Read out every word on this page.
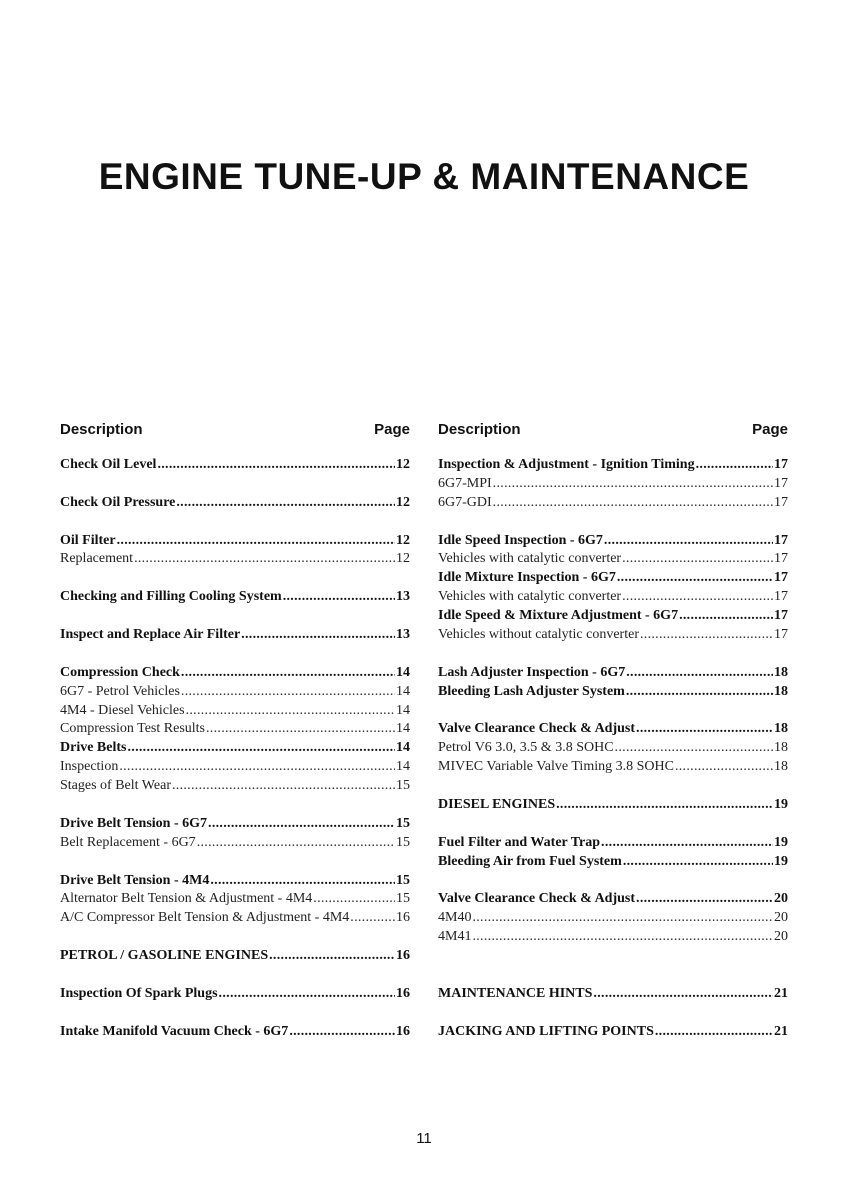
ENGINE TUNE-UP & MAINTENANCE
Description	Page
Check Oil Level .....	12
Check Oil Pressure .....	12
Oil Filter .....	12
Replacement .....	12
Checking and Filling Cooling System .....	13
Inspect and Replace Air Filter .....	13
Compression Check .....	14
6G7 - Petrol Vehicles .....	14
4M4 - Diesel Vehicles .....	14
Compression Test Results .....	14
Drive Belts .....	14
Inspection .....	14
Stages of Belt Wear .....	15
Drive Belt Tension - 6G7 .....	15
Belt Replacement - 6G7 .....	15
Drive Belt Tension - 4M4 .....	15
Alternator Belt Tension & Adjustment - 4M4 .....	15
A/C Compressor Belt Tension & Adjustment - 4M4 .....	16
PETROL / GASOLINE ENGINES .....	16
Inspection Of Spark Plugs .....	16
Intake Manifold Vacuum Check - 6G7 .....	16
Description	Page
Inspection & Adjustment - Ignition Timing .....	17
6G7-MPI .....	17
6G7-GDI .....	17
Idle Speed Inspection - 6G7 .....	17
Vehicles with catalytic converter .....	17
Idle Mixture Inspection - 6G7 .....	17
Vehicles with catalytic converter .....	17
Idle Speed & Mixture Adjustment - 6G7 .....	17
Vehicles without catalytic converter .....	17
Lash Adjuster Inspection - 6G7 .....	18
Bleeding Lash Adjuster System .....	18
Valve Clearance Check & Adjust .....	18
Petrol V6 3.0, 3.5 & 3.8 SOHC .....	18
MIVEC Variable Valve Timing 3.8 SOHC .....	18
DIESEL ENGINES .....	19
Fuel Filter and Water Trap .....	19
Bleeding Air from Fuel System .....	19
Valve Clearance Check & Adjust .....	20
4M40 .....	20
4M41 .....	20
MAINTENANCE HINTS .....	21
JACKING AND LIFTING POINTS .....	21
11
